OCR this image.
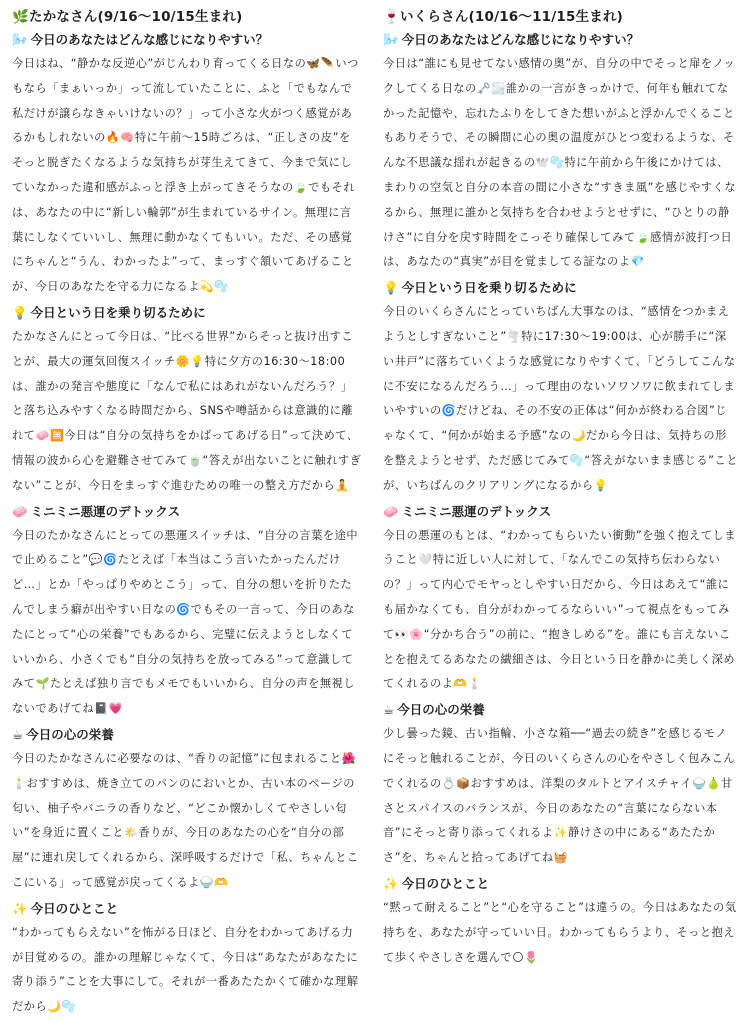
🌿たかなさん(9/16〜10/15生まれ)
🌬️ 今日のあなたはどんな感じになりやすい？

今日はね、“静かな反逆心”がじんわり育ってくる日なの🦋🪶いつもなら「まぁいっか」って流していたことに、ふと「でもなんで私だけが譲らなきゃいけないの？」って小さな火がつく感覚があるかもしれないの🔥🧠特に午前〜15時ごろは、“正しさの皮”をそっと脱ぎたくなるような気持ちが芽生えてきて、今まで気にしていなかった違和感がふっと浮き上がってきそうなの🍃でもそれは、あなたの中に“新しい輪郭”が生まれているサイン。無理に言葉にしなくていいし、無理に動かなくてもいい。ただ、その感覚にちゃんと“うん、わかったよ”って、まっすぐ頷いてあげることが、今日のあなたを守る力になるよ💫🫧

💡 今日という日を乗り切るために

たかなさんにとって今日は、“比べる世界”からそっと抜け出すことが、最大の運気回復スイッチ🌼💡特に夕方の16:30〜18:00は、誰かの発言や態度に「なんで私にはあれがないんだろう？」と落ち込みやすくなる時間だから、SNSや噂話からは意識的に離れて🧼🈚今日は“自分の気持ちをかばってあげる日”って決めて、情報の波から心を避難させてみて🍵“答えが出ないことに触れすぎない”ことが、今日をまっすぐ進むための唯一の整え方だから🧘

🧼 ミニミニ悪運のデトックス

今日のたかなさんにとっての悪運スイッチは、“自分の言葉を途中で止めること”💬🌀たとえば「本当はこう言いたかったんだけど…」とか「やっぱりやめとこう」って、自分の想いを折りたたんでしまう癖が出やすい日なの🌀でもその一言って、今日のあなたにとって“心の栄養”でもあるから、完璧に伝えようとしなくていいから、小さくでも“自分の気持ちを放ってみる”って意識してみて🌱たとえば独り言でもメモでもいいから、自分の声を無視しないであげてね📓💗

☕ 今日の心の栄養

今日のたかなさんに必要なのは、“香りの記憶”に包まれること🌺🕯️おすすめは、焼き立てのパンのにおいとか、古い本のページの匂い、柚子やバニラの香りなど、“どこか懐かしくてやさしい匂い”を身近に置くこと🌤️香りが、今日のあなたの心を“自分の部屋”に連れ戻してくれるから、深呼吸するだけで「私、ちゃんとここにいる」って感覚が戻ってくるよ🍚🫶

✨ 今日のひとこと

“わかってもらえない”を怖がる日ほど、自分をわかってあげる力が目覚めるの。誰かの理解じゃなくて、今日は“あなたがあなたに寄り添う”ことを大事にして。それが一番あたたかくて確かな理解だから🌙🫧

🍷いくらさん(10/16〜11/15生まれ)
🌬️ 今日のあなたはどんな感じになりやすい？

今日は“誰にも見せてない感情の奥”が、自分の中でそっと扉をノックしてくる日なの🗝️🌫️誰かの一言がきっかけで、何年も触れてなかった記憶や、忘れたふりをしてきた想いがふと浮かんでくることもありそうで、その瞬間に心の奥の温度がひとつ変わるような、そんな不思議な揺れが起きるの🕊️🫧特に午前から午後にかけては、まわりの空気と自分の本音の間に小さな“すきま風”を感じやすくなるから、無理に誰かと気持ちを合わせようとせずに、“ひとりの静けさ”に自分を戻す時間をこっそり確保してみて🍃感情が波打つ日は、あなたの“真実”が目を覚ましてる証なのよ💎

💡 今日という日を乗り切るために

今日のいくらさんにとっていちばん大事なのは、“感情をつかまえようとしすぎないこと”🌪️特に17:30〜19:00は、心が勝手に“深い井戸”に落ちていくような感覚になりやすくて、「どうしてこんなに不安になるんだろう…」って理由のないソワソワに飲まれてしまいやすいの🌀だけどね、その不安の正体は“何かが終わる合図”じゃなくて、“何かが始まる予感”なの🌙だから今日は、気持ちの形を整えようとせず、ただ感じてみて🫧“答えがないまま感じる”ことが、いちばんのクリアリングになるから💡

🧼 ミニミニ悪運のデトックス

今日の悪運のもとは、“わかってもらいたい衝動”を強く抱えてしまうこと🤍特に近しい人に対して、「なんでこの気持ち伝わらないの？」って内心でモヤっとしやすい日だから、今日はあえて“誰にも届かなくても、自分がわかってるならいい”って視点をもってみて👀🌸“分かち合う”の前に、“抱きしめる”を。誰にも言えないことを抱えてるあなたの繊細さは、今日という日を静かに美しく深めてくれるのよ🫶🕯️

☕ 今日の心の栄養

少し曇った鏡、古い指輪、小さな箱──“過去の続き”を感じるモノにそっと触れることが、今日のいくらさんの心をやさしく包みこんでくれるの💍📦おすすめは、洋梨のタルトとアイスチャイ🍚🍐甘さとスパイスのバランスが、今日のあなたの“言葉にならない本音”にそっと寄り添ってくれるよ✨静けさの中にある“あたたかさ”を、ちゃんと拾ってあげてね🧺

✨ 今日のひとこと

“黙って耐えること”と“心を守ること”は違うの。今日はあなたの気持ちを、あなたが守っていい日。わかってもらうより、そっと抱えて歩くやさしさを選んで🌕🌷
